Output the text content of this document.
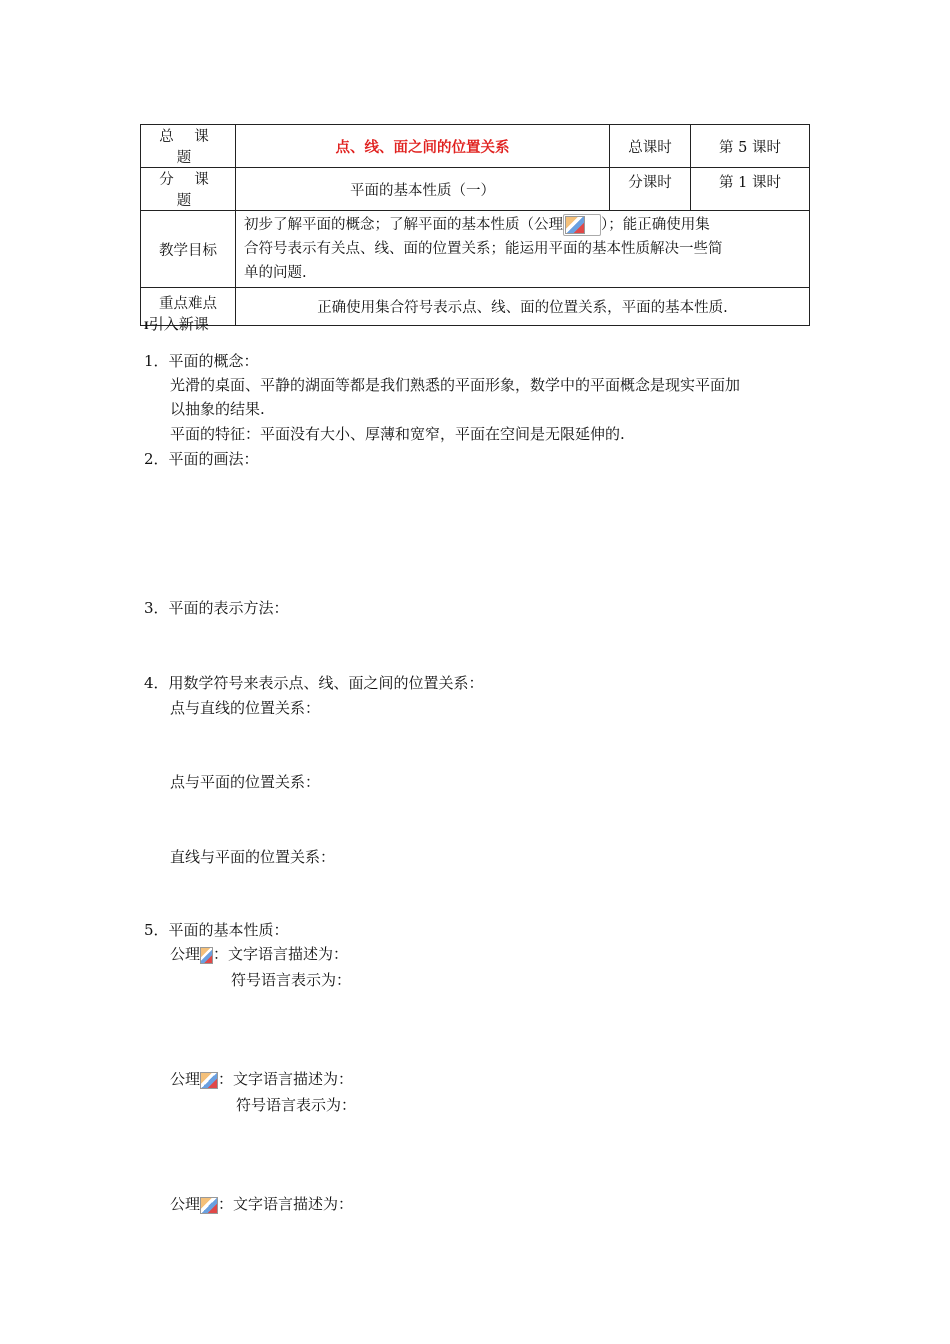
总 课 题	点、线、面之间的位置关系	总课时	第 5 课时
分 课 题	平面的基本性质（一）	分课时	第 1 课时
教学目标	初步了解平面的概念；了解平面的基本性质（公理 ）；能正确使用集
合符号表示有关点、线、面的位置关系；能运用平面的基本性质解决一些简
单的问题.		
重点难点	正确使用集合符号表示点、线、面的位置关系，平面的基本性质.		
I引入新课
1．平面的概念：
光滑的桌面、平静的湖面等都是我们熟悉的平面形象，数学中的平面概念是现实平面加
以抽象的结果.
平面的特征：平面没有大小、厚薄和宽窄，平面在空间是无限延伸的.
2．平面的画法：
3．平面的表示方法：
4．用数学符号来表示点、线、面之间的位置关系：
点与直线的位置关系：
点与平面的位置关系：
直线与平面的位置关系：
5．平面的基本性质：
公理 ：文字语言描述为：
符号语言表示为：
公理 ：文字语言描述为：
符号语言表示为：
公理 ：文字语言描述为：
